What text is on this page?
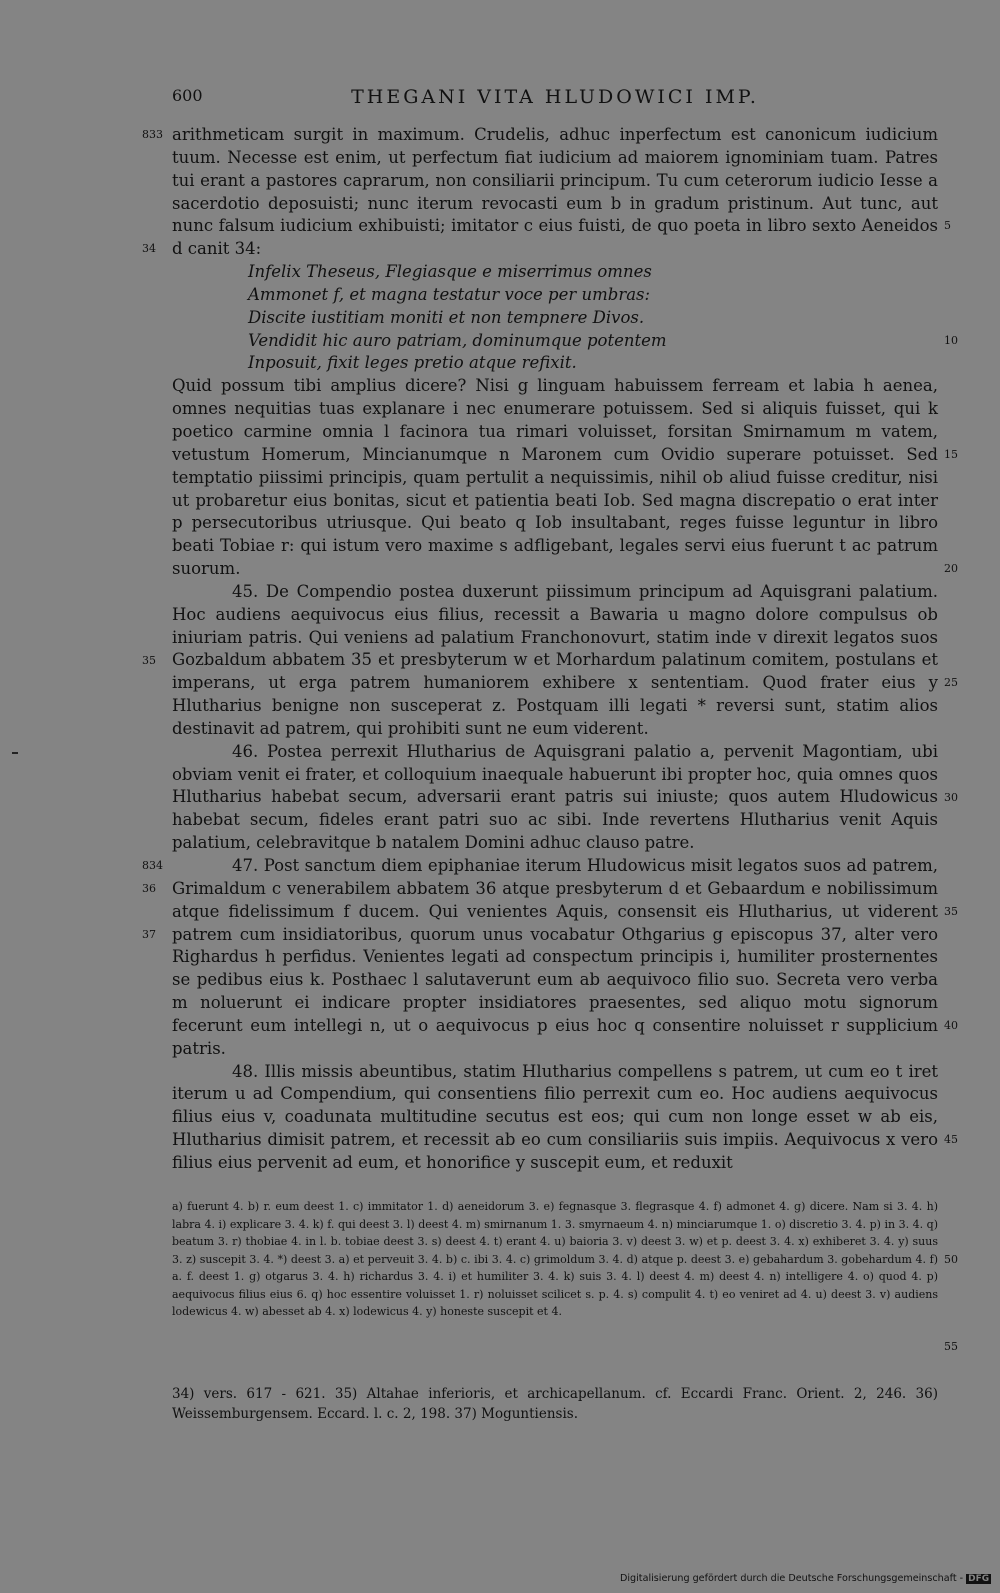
600	THEGANI VITA HLUDOWICI IMP.
833
34
35
834
36
37
5
10
15
20
25
30
35
40
45

arithmeticam surgit in maximum. Crudelis, adhuc inperfectum est canonicum iudicium tuum. Necesse est enim, ut perfectum fiat iudicium ad maiorem ignominiam tuam. Patres tui erant a pastores caprarum, non consiliarii principum. Tu cum ceterorum iudicio Iesse a sacerdotio deposuisti; nunc iterum revocasti eum b in gradum pristinum. Aut tunc, aut nunc falsum iudicium exhibuisti; imitator c eius fuisti, de quo poeta in libro sexto Aeneidos d canit 34:

Infelix Theseus, Flegiasque e miserrimus omnes
Ammonet f, et magna testatur voce per umbras:
Discite iustitiam moniti et non tempnere Divos.
Vendidit hic auro patriam, dominumque potentem
Inposuit, fixit leges pretio atque refixit.

Quid possum tibi amplius dicere? Nisi g linguam habuissem ferream et labia h aenea, omnes nequitias tuas explanare i nec enumerare potuissem. Sed si aliquis fuisset, qui k poetico carmine omnia l facinora tua rimari voluisset, forsitan Smirnamum m vatem, vetustum Homerum, Mincianumque n Maronem cum Ovidio superare potuisset. Sed temptatio piissimi principis, quam pertulit a nequissimis, nihil ob aliud fuisse creditur, nisi ut probaretur eius bonitas, sicut et patientia beati Iob. Sed magna discrepatio o erat inter p persecutoribus utriusque. Qui beato q Iob insultabant, reges fuisse leguntur in libro beati Tobiae r: qui istum vero maxime s adfligebant, legales servi eius fuerunt t ac patrum suorum.

45. De Compendio postea duxerunt piissimum principum ad Aquisgrani palatium. Hoc audiens aequivocus eius filius, recessit a Bawaria u magno dolore compulsus ob iniuriam patris. Qui veniens ad palatium Franchonovurt, statim inde v direxit legatos suos Gozbaldum abbatem 35 et presbyterum w et Morhardum palatinum comitem, postulans et imperans, ut erga patrem humaniorem exhibere x sententiam. Quod frater eius y Hlutharius benigne non susceperat z. Postquam illi legati * reversi sunt, statim alios destinavit ad patrem, qui prohibiti sunt ne eum viderent.

46. Postea perrexit Hlutharius de Aquisgrani palatio a, pervenit Magontiam, ubi obviam venit ei frater, et colloquium inaequale habuerunt ibi propter hoc, quia omnes quos Hlutharius habebat secum, adversarii erant patris sui iniuste; quos autem Hludowicus habebat secum, fideles erant patri suo ac sibi. Inde revertens Hlutharius venit Aquis palatium, celebravitque b natalem Domini adhuc clauso patre.

47. Post sanctum diem epiphaniae iterum Hludowicus misit legatos suos ad patrem, Grimaldum c venerabilem abbatem 36 atque presbyterum d et Gebaardum e nobilissimum atque fidelissimum f ducem. Qui venientes Aquis, consensit eis Hlutharius, ut viderent patrem cum insidiatoribus, quorum unus vocabatur Othgarius g episcopus 37, alter vero Righardus h perfidus. Venientes legati ad conspectum principis i, humiliter prosternentes se pedibus eius k. Posthaec l salutaverunt eum ab aequivoco filio suo. Secreta vero verba m noluerunt ei indicare propter insidiatores praesentes, sed aliquo motu signorum fecerunt eum intellegi n, ut o aequivocus p eius hoc q consentire noluisset r supplicium patris.

48. Illis missis abeuntibus, statim Hlutharius compellens s patrem, ut cum eo t iret iterum u ad Compendium, qui consentiens filio perrexit cum eo. Hoc audiens aequivocus filius eius v, coadunata multitudine secutus est eos; qui cum non longe esset w ab eis, Hlutharius dimisit patrem, et recessit ab eo cum consiliariis suis impiis. Aequivocus x vero filius eius pervenit ad eum, et honorifice y suscepit eum, et reduxit

a) fuerunt 4. b) r. eum deest 1. c) immitator 1. d) aeneidorum 3. e) fegnasque 3. flegrasque 4. f) admonet 4. g) dicere. Nam si 3. 4. h) labra 4. i) explicare 3. 4. k) f. qui deest 3. l) deest 4. m) smirnanum 1. 3. smyrnaeum 4. n) minciarumque 1. o) discretio 3. 4. p) in 3. 4. q) beatum 3. r) thobiae 4. in l. b. tobiae deest 3. s) deest 4. t) erant 4. u) baioria 3. v) deest 3. w) et p. deest 3. 4. x) exhiberet 3. 4. y) suus 3. z) suscepit 3. 4. *) deest 3. a) et perveuit 3. 4. b) c. ibi 3. 4. c) grimoldum 3. 4. d) atque p. deest 3. e) gebahardum 3. gobehardum 4. f) a. f. deest 1. g) otgarus 3. 4. h) richardus 3. 4. i) et humiliter 3. 4. k) suis 3. 4. l) deest 4. m) deest 4. n) intelligere 4. o) quod 4. p) aequivocus filius eius 6. q) hoc essentire voluisset 1. r) noluisset scilicet s. p. 4. s) compulit 4. t) eo veniret ad 4. u) deest 3. v) audiens lodewicus 4. w) abesset ab 4. x) lodewicus 4. y) honeste suscepit et 4.
50
55
34) vers. 617 - 621. 35) Altahae inferioris, et archicapellanum. cf. Eccardi Franc. Orient. 2, 246. 36) Weissemburgensem. Eccard. l. c. 2, 198. 37) Moguntiensis.
Digitalisierung gefördert durch die Deutsche Forschungsgemeinschaft - DFG
